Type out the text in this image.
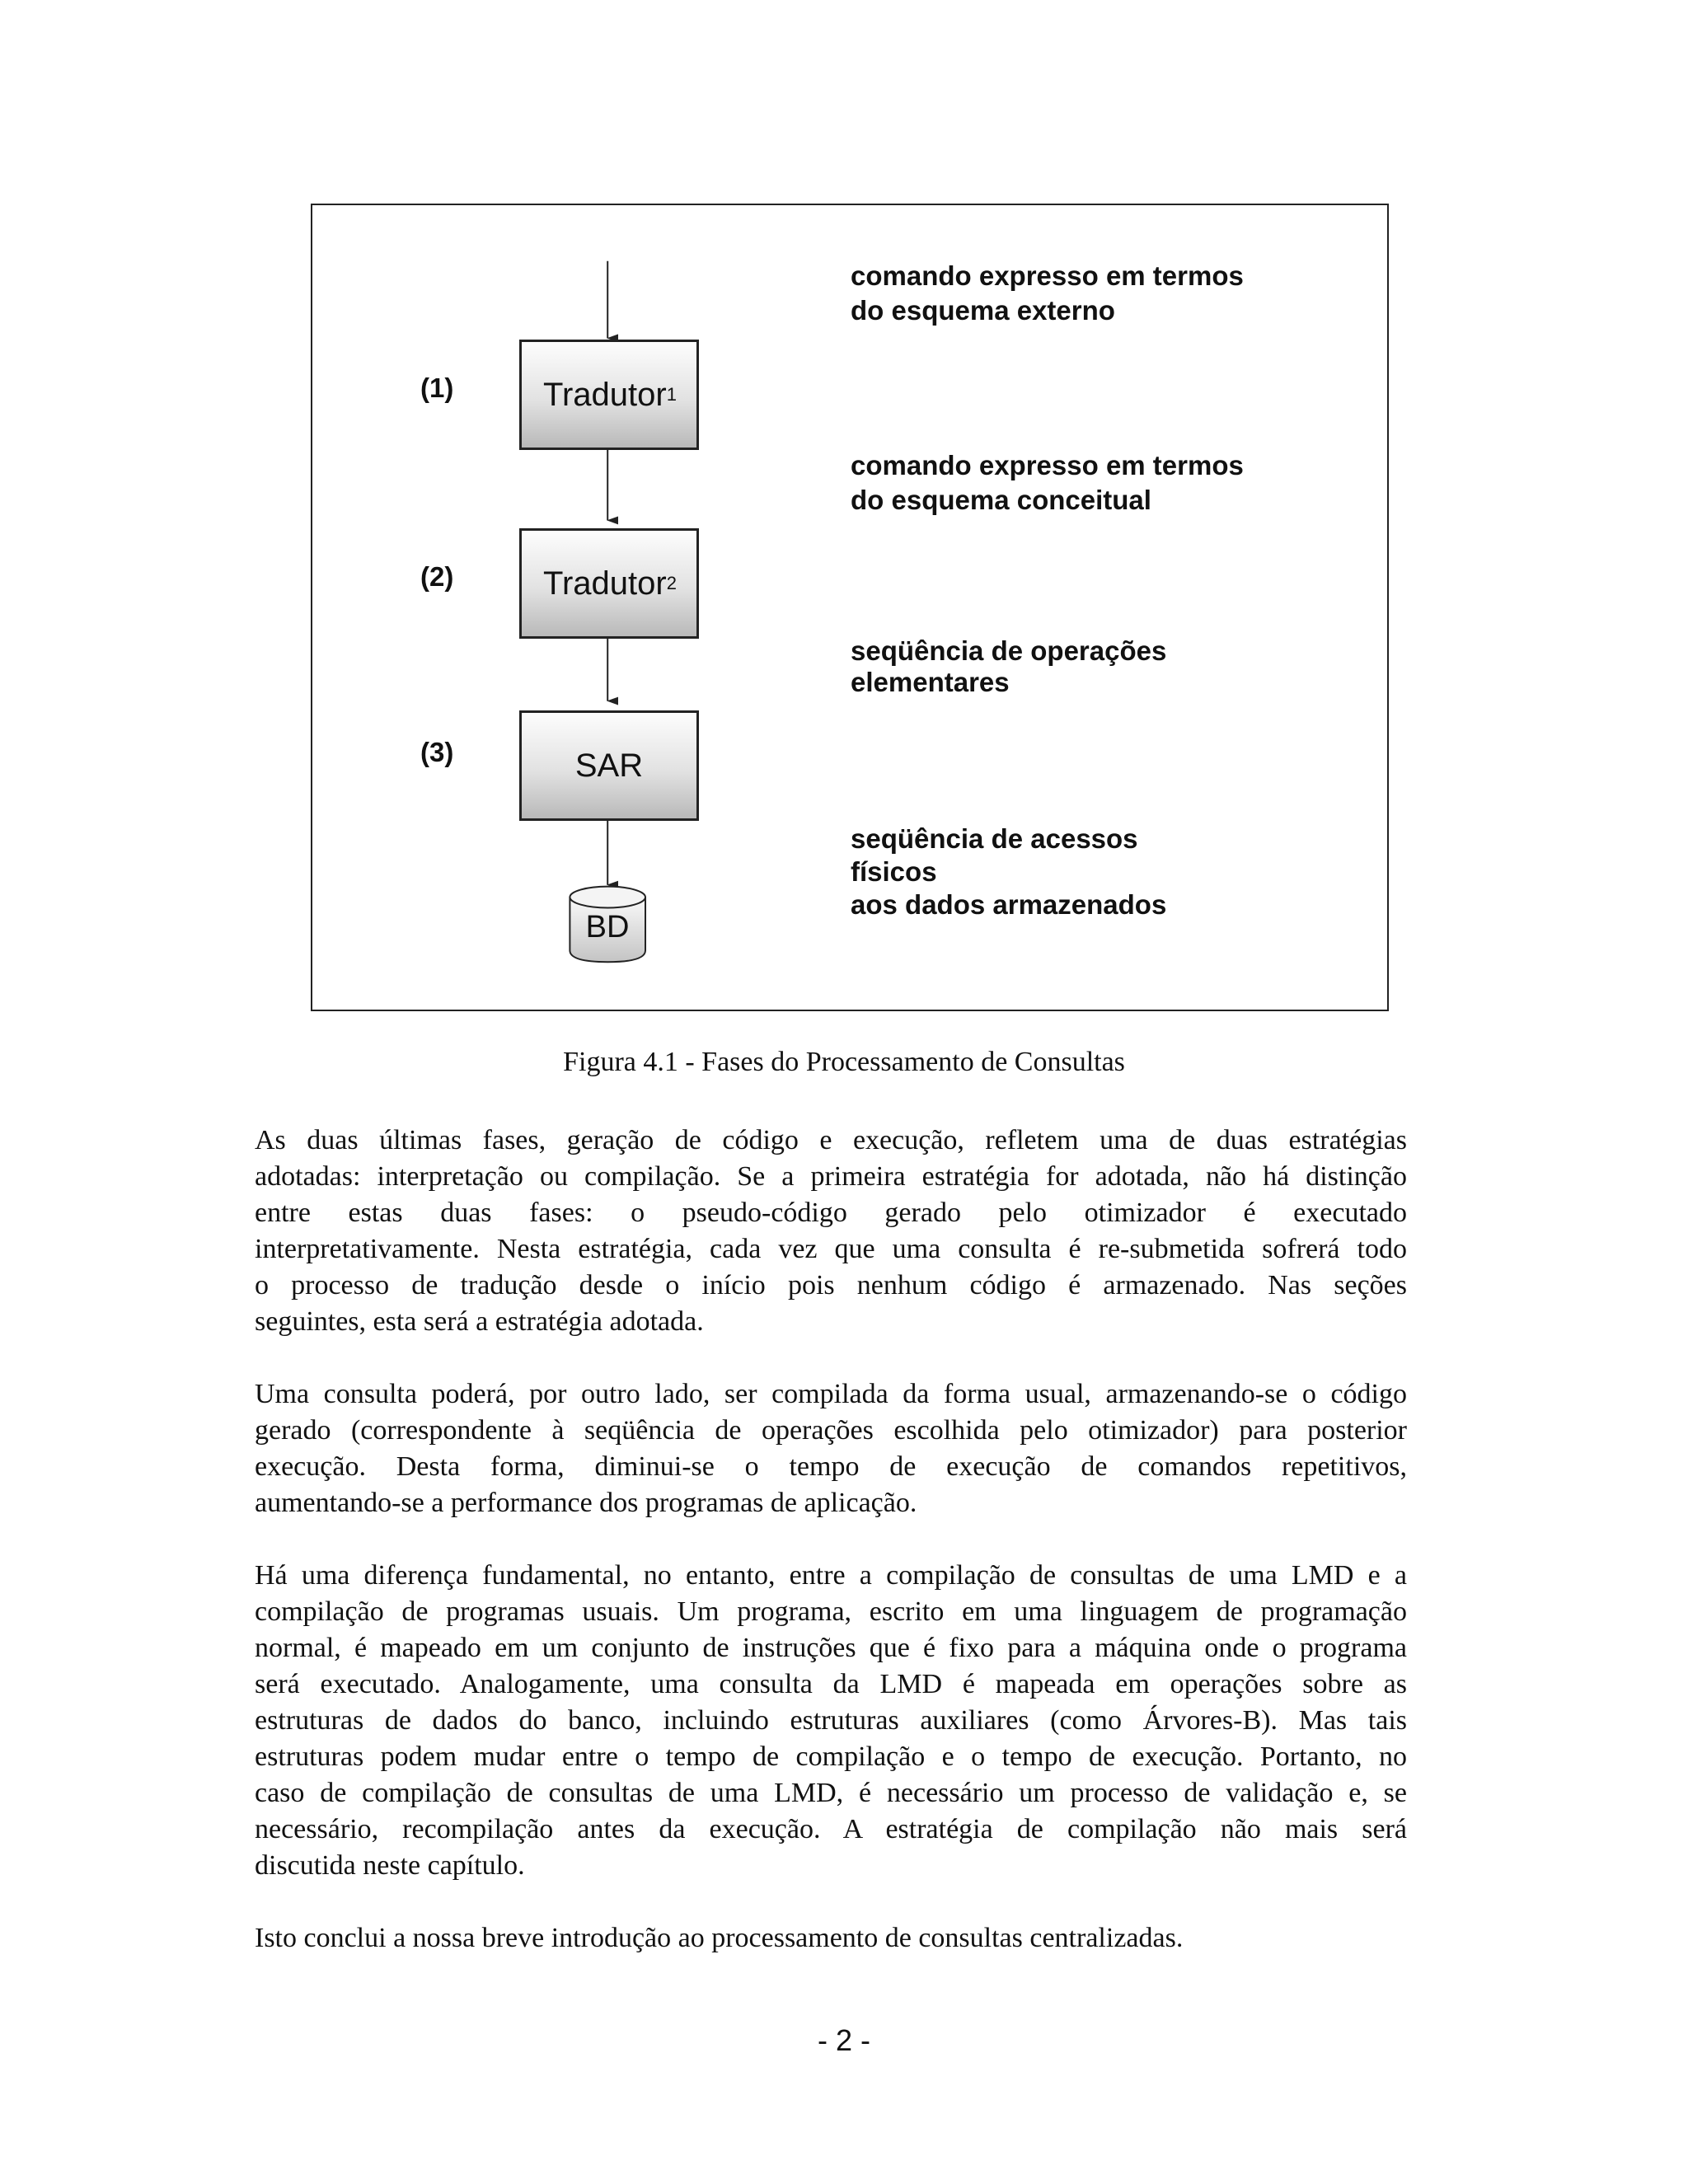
(1)
(2)
(3)
Tradutor 1
Tradutor 2
SAR
BD
comando expresso em termos
do esquema externo
comando expresso em termos
do esquema conceitual
seqüência de operações
elementares
seqüência de acessos
físicos
aos dados armazenados
Figura 4.1 - Fases do Processamento de Consultas
As duas últimas fases, geração de código e execução, refletem uma de duas estratégias
adotadas: interpretação ou compilação. Se a primeira estratégia for adotada, não há distinção
entre estas duas fases: o pseudo-código gerado pelo otimizador é executado
interpretativamente. Nesta estratégia, cada vez que uma consulta é re-submetida sofrerá todo
o processo de tradução desde o início pois nenhum código é armazenado. Nas seções
seguintes, esta será a estratégia adotada.
Uma consulta poderá, por outro lado, ser compilada da forma usual, armazenando-se o código
gerado (correspondente à seqüência de operações escolhida pelo otimizador) para posterior
execução. Desta forma, diminui-se o tempo de execução de comandos repetitivos,
aumentando-se a performance dos programas de aplicação.
Há uma diferença fundamental, no entanto, entre a compilação de consultas de uma LMD e a
compilação de programas usuais. Um programa, escrito em uma linguagem de programação
normal, é mapeado em um conjunto de instruções que é fixo para a máquina onde o programa
será executado. Analogamente, uma consulta da LMD é mapeada em operações sobre as
estruturas de dados do banco, incluindo estruturas auxiliares (como Árvores-B). Mas tais
estruturas podem mudar entre o tempo de compilação e o tempo de execução. Portanto, no
caso de compilação de consultas de uma LMD, é necessário um processo de validação e, se
necessário, recompilação antes da execução. A estratégia de compilação não mais será
discutida neste capítulo.
Isto conclui a nossa breve introdução ao processamento de consultas centralizadas.
- 2 -
